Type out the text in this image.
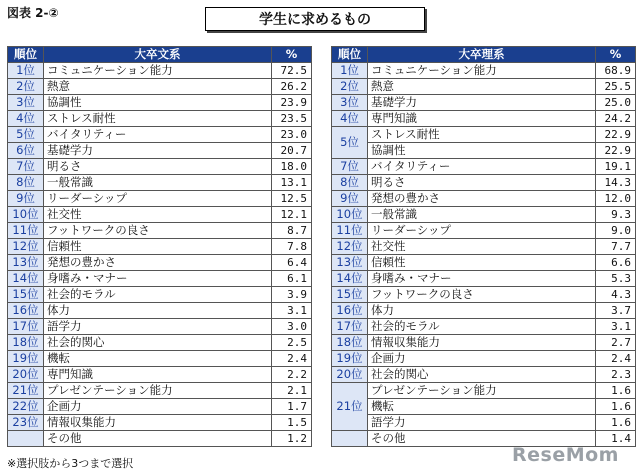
図表 2-②	学生に求めるもの
順位	大卒文系	%
1位	コミュニケーション能力	72.5
2位	熱意	26.2
3位	協調性	23.9
4位	ストレス耐性	23.5
5位	バイタリティー	23.0
6位	基礎学力	20.7
7位	明るさ	18.0
8位	一般常識	13.1
9位	リーダーシップ	12.5
10位	社交性	12.1
11位	フットワークの良さ	8.7
12位	信頼性	7.8
13位	発想の豊かさ	6.4
14位	身嗜み・マナー	6.1
15位	社会的モラル	3.9
16位	体力	3.1
17位	語学力	3.0
18位	社会的関心	2.5
19位	機転	2.4
20位	専門知識	2.2
21位	プレゼンテーション能力	2.1
22位	企画力	1.7
23位	情報収集能力	1.5
	その他	1.2
順位	大卒理系	%
1位	コミュニケーション能力	68.9
2位	熱意	25.5
3位	基礎学力	25.0
4位	専門知識	24.2
5位	ストレス耐性	22.9
	協調性	22.9
7位	バイタリティー	19.1
8位	明るさ	14.3
9位	発想の豊かさ	12.0
10位	一般常識	9.3
11位	リーダーシップ	9.0
12位	社交性	7.7
13位	信頼性	6.6
14位	身嗜み・マナー	5.3
15位	フットワークの良さ	4.3
16位	体力	3.7
17位	社会的モラル	3.1
18位	情報収集能力	2.7
19位	企画力	2.4
20位	社会的関心	2.3
21位	プレゼンテーション能力	1.6
	機転	1.6
	語学力	1.6
	その他	1.4
※選択肢から3つまで選択	ReseMom
